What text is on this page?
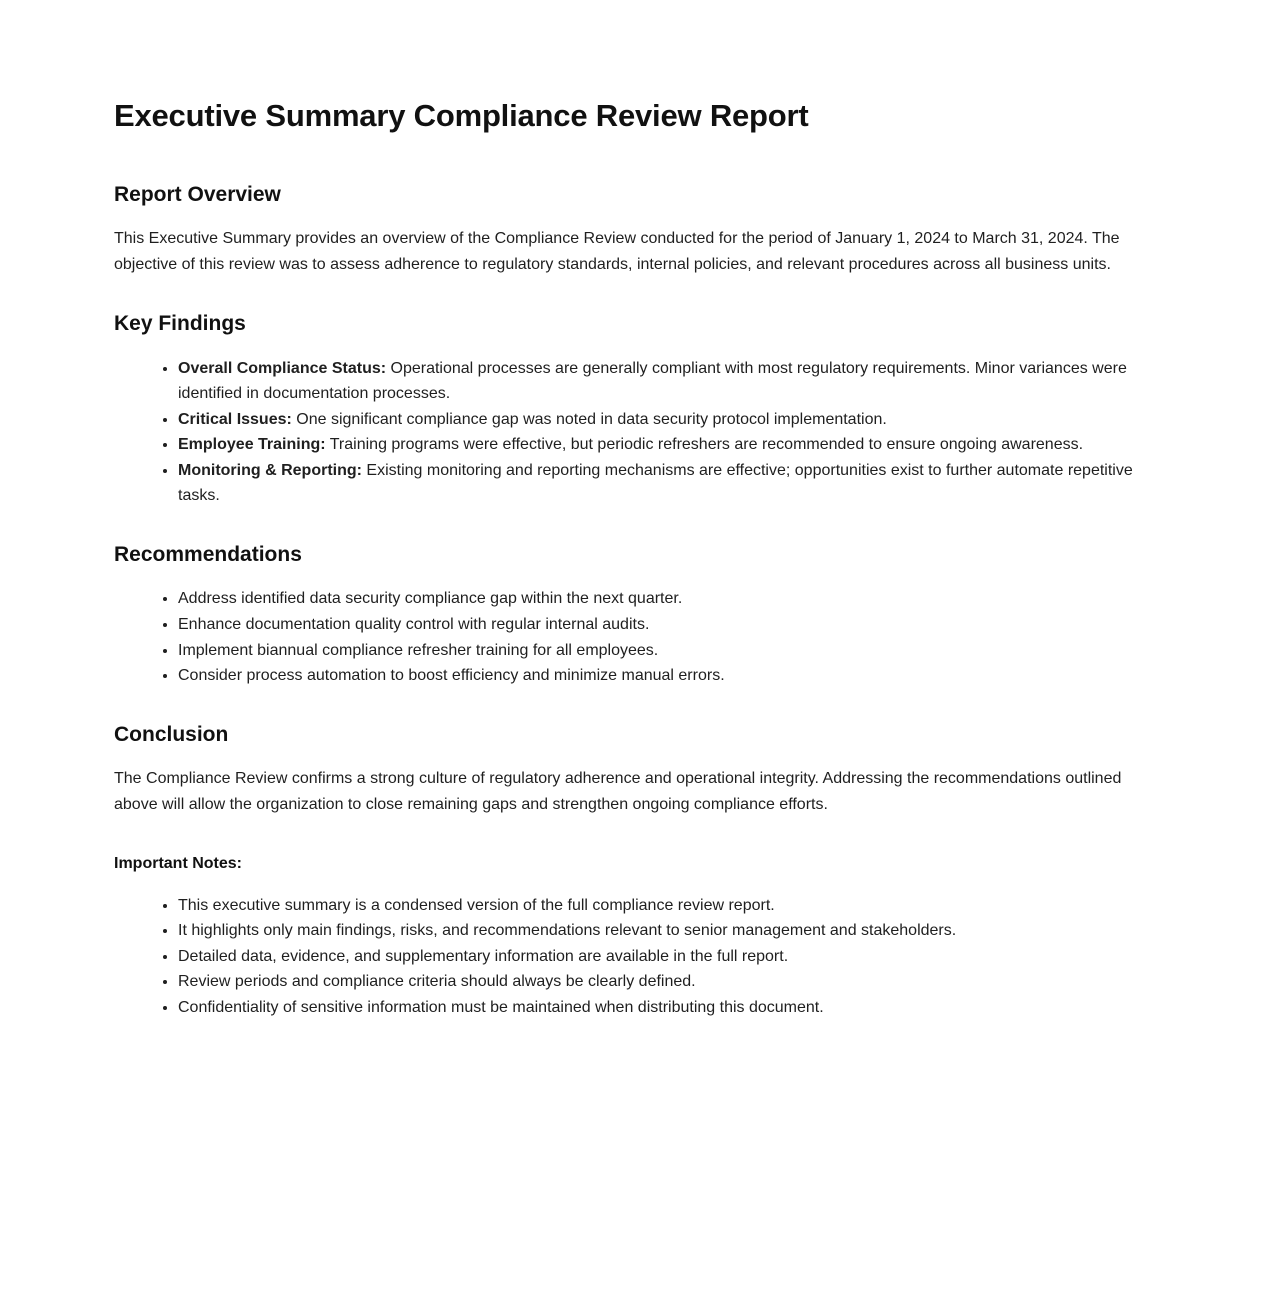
Executive Summary Compliance Review Report
Report Overview

This Executive Summary provides an overview of the Compliance Review conducted for the period of January 1, 2024 to March 31, 2024. The objective of this review was to assess adherence to regulatory standards, internal policies, and relevant procedures across all business units.

Key Findings
• Overall Compliance Status: Operational processes are generally compliant with most regulatory requirements. Minor variances were identified in documentation processes.
• Critical Issues: One significant compliance gap was noted in data security protocol implementation.
• Employee Training: Training programs were effective, but periodic refreshers are recommended to ensure ongoing awareness.
• Monitoring & Reporting: Existing monitoring and reporting mechanisms are effective; opportunities exist to further automate repetitive tasks.
Recommendations
• Address identified data security compliance gap within the next quarter.
• Enhance documentation quality control with regular internal audits.
• Implement biannual compliance refresher training for all employees.
• Consider process automation to boost efficiency and minimize manual errors.
Conclusion

The Compliance Review confirms a strong culture of regulatory adherence and operational integrity. Addressing the recommendations outlined above will allow the organization to close remaining gaps and strengthen ongoing compliance efforts.

Important Notes:
• This executive summary is a condensed version of the full compliance review report.
• It highlights only main findings, risks, and recommendations relevant to senior management and stakeholders.
• Detailed data, evidence, and supplementary information are available in the full report.
• Review periods and compliance criteria should always be clearly defined.
• Confidentiality of sensitive information must be maintained when distributing this document.
